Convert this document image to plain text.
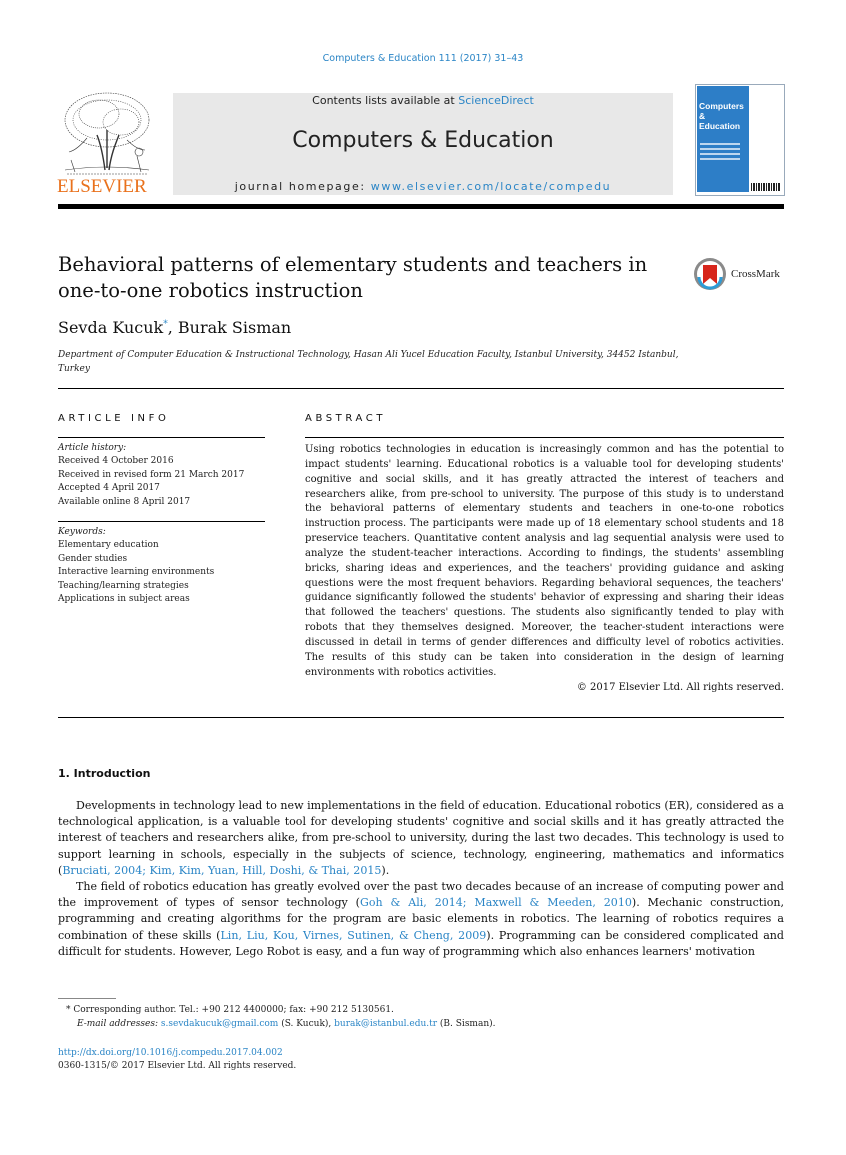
Computers & Education 111 (2017) 31–43
Contents lists available at ScienceDirect
Computers & Education
journal homepage: www.elsevier.com/locate/compedu
ELSEVIER
Computers
&
Education
Behavioral patterns of elementary students and teachers in one-to-one robotics instruction
CrossMark
Sevda Kucuk*, Burak Sisman
Department of Computer Education & Instructional Technology, Hasan Ali Yucel Education Faculty, Istanbul University, 34452 Istanbul, Turkey
ARTICLE INFO
Article history:
Received 4 October 2016
Received in revised form 21 March 2017
Accepted 4 April 2017
Available online 8 April 2017
Keywords:
Elementary education
Gender studies
Interactive learning environments
Teaching/learning strategies
Applications in subject areas
ABSTRACT
Using robotics technologies in education is increasingly common and has the potential to impact students' learning. Educational robotics is a valuable tool for developing students' cognitive and social skills, and it has greatly attracted the interest of teachers and researchers alike, from pre-school to university. The purpose of this study is to understand the behavioral patterns of elementary students and teachers in one-to-one robotics instruction process. The participants were made up of 18 elementary school students and 18 preservice teachers. Quantitative content analysis and lag sequential analysis were used to analyze the student-teacher interactions. According to findings, the students' assembling bricks, sharing ideas and experiences, and the teachers' providing guidance and asking questions were the most frequent behaviors. Regarding behavioral sequences, the teachers' guidance significantly followed the students' behavior of expressing and sharing their ideas that followed the teachers' questions. The students also significantly tended to play with robots that they themselves designed. Moreover, the teacher-student interactions were discussed in detail in terms of gender differences and difficulty level of robotics activities. The results of this study can be taken into consideration in the design of learning environments with robotics activities.
© 2017 Elsevier Ltd. All rights reserved.
1. Introduction
Developments in technology lead to new implementations in the field of education. Educational robotics (ER), considered as a technological application, is a valuable tool for developing students' cognitive and social skills and it has greatly attracted the interest of teachers and researchers alike, from pre-school to university, during the last two decades. This technology is used to support learning in schools, especially in the subjects of science, technology, engineering, mathematics and informatics (Bruciati, 2004; Kim, Kim, Yuan, Hill, Doshi, & Thai, 2015).
The field of robotics education has greatly evolved over the past two decades because of an increase of computing power and the improvement of types of sensor technology (Goh & Ali, 2014; Maxwell & Meeden, 2010). Mechanic construction, programming and creating algorithms for the program are basic elements in robotics. The learning of robotics requires a combination of these skills (Lin, Liu, Kou, Virnes, Sutinen, & Cheng, 2009). Programming can be considered complicated and difficult for students. However, Lego Robot is easy, and a fun way of programming which also enhances learners' motivation
* Corresponding author. Tel.: +90 212 4400000; fax: +90 212 5130561.
E-mail addresses: s.sevdakucuk@gmail.com (S. Kucuk), burak@istanbul.edu.tr (B. Sisman).
http://dx.doi.org/10.1016/j.compedu.2017.04.002
0360-1315/© 2017 Elsevier Ltd. All rights reserved.
